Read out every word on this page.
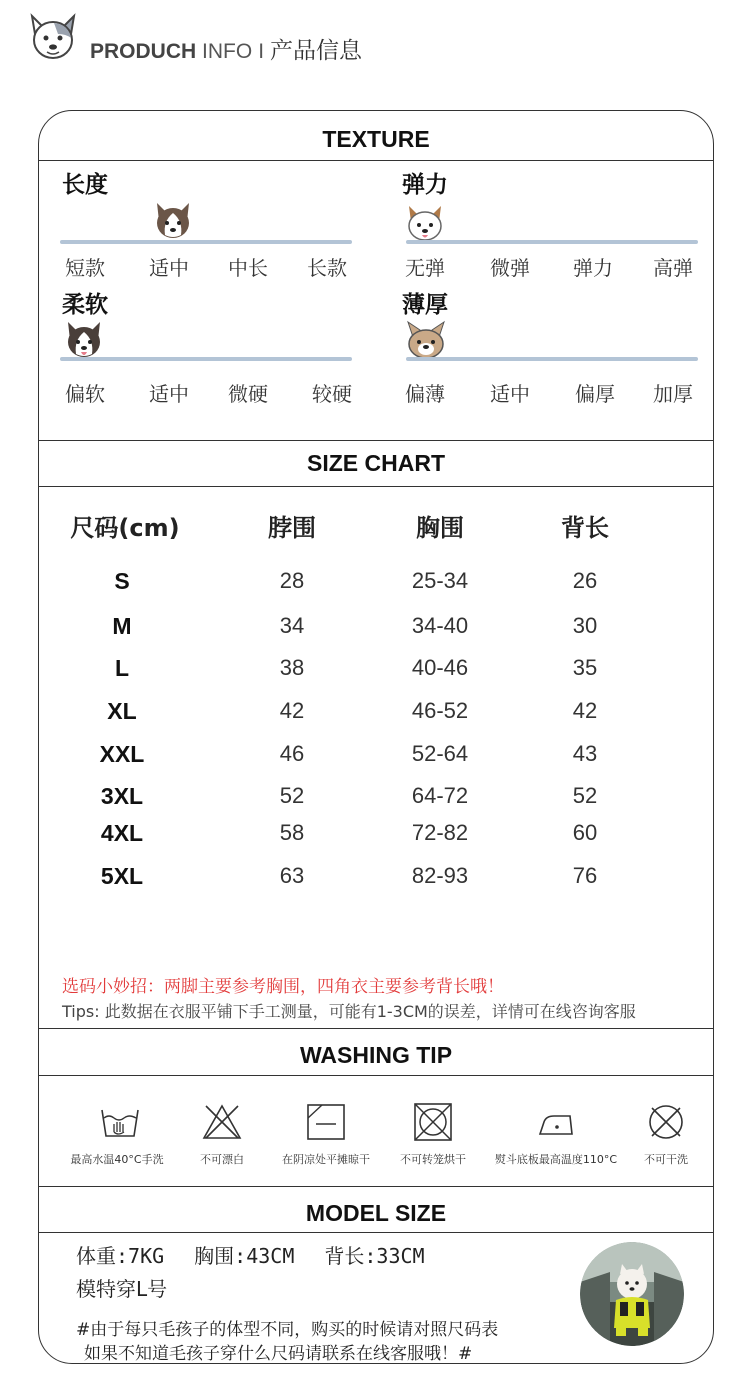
PRODUCH INFO I 产品信息
TEXTURE
长度
短款	适中	中长	长款
弹力
无弹	微弹	弹力	高弹
柔软
偏软	适中	微硬	较硬
薄厚
偏薄	适中	偏厚	加厚
SIZE CHART
尺码(cm)	脖围	胸围	背长
S	28	25-34	26
M	34	34-40	30
L	38	40-46	35
XL	42	46-52	42
XXL	46	52-64	43
3XL	52	64-72	52
4XL	58	72-82	60
5XL	63	82-93	76
选码小妙招：两脚主要参考胸围，四角衣主要参考背长哦！
Tips: 此数据在衣服平铺下手工测量，可能有1-3CM的误差，详情可在线咨询客服
WASHING TIP
最高水温40°C手洗	不可漂白	在阴凉处平摊晾干	不可转笼烘干	熨斗底板最高温度110°C	不可干洗
MODEL SIZE
体重:7KG 胸围:43CM 背长:33CM
模特穿L号
#由于每只毛孩子的体型不同，购买的时候请对照尺码表
如果不知道毛孩子穿什么尺码请联系在线客服哦！#
